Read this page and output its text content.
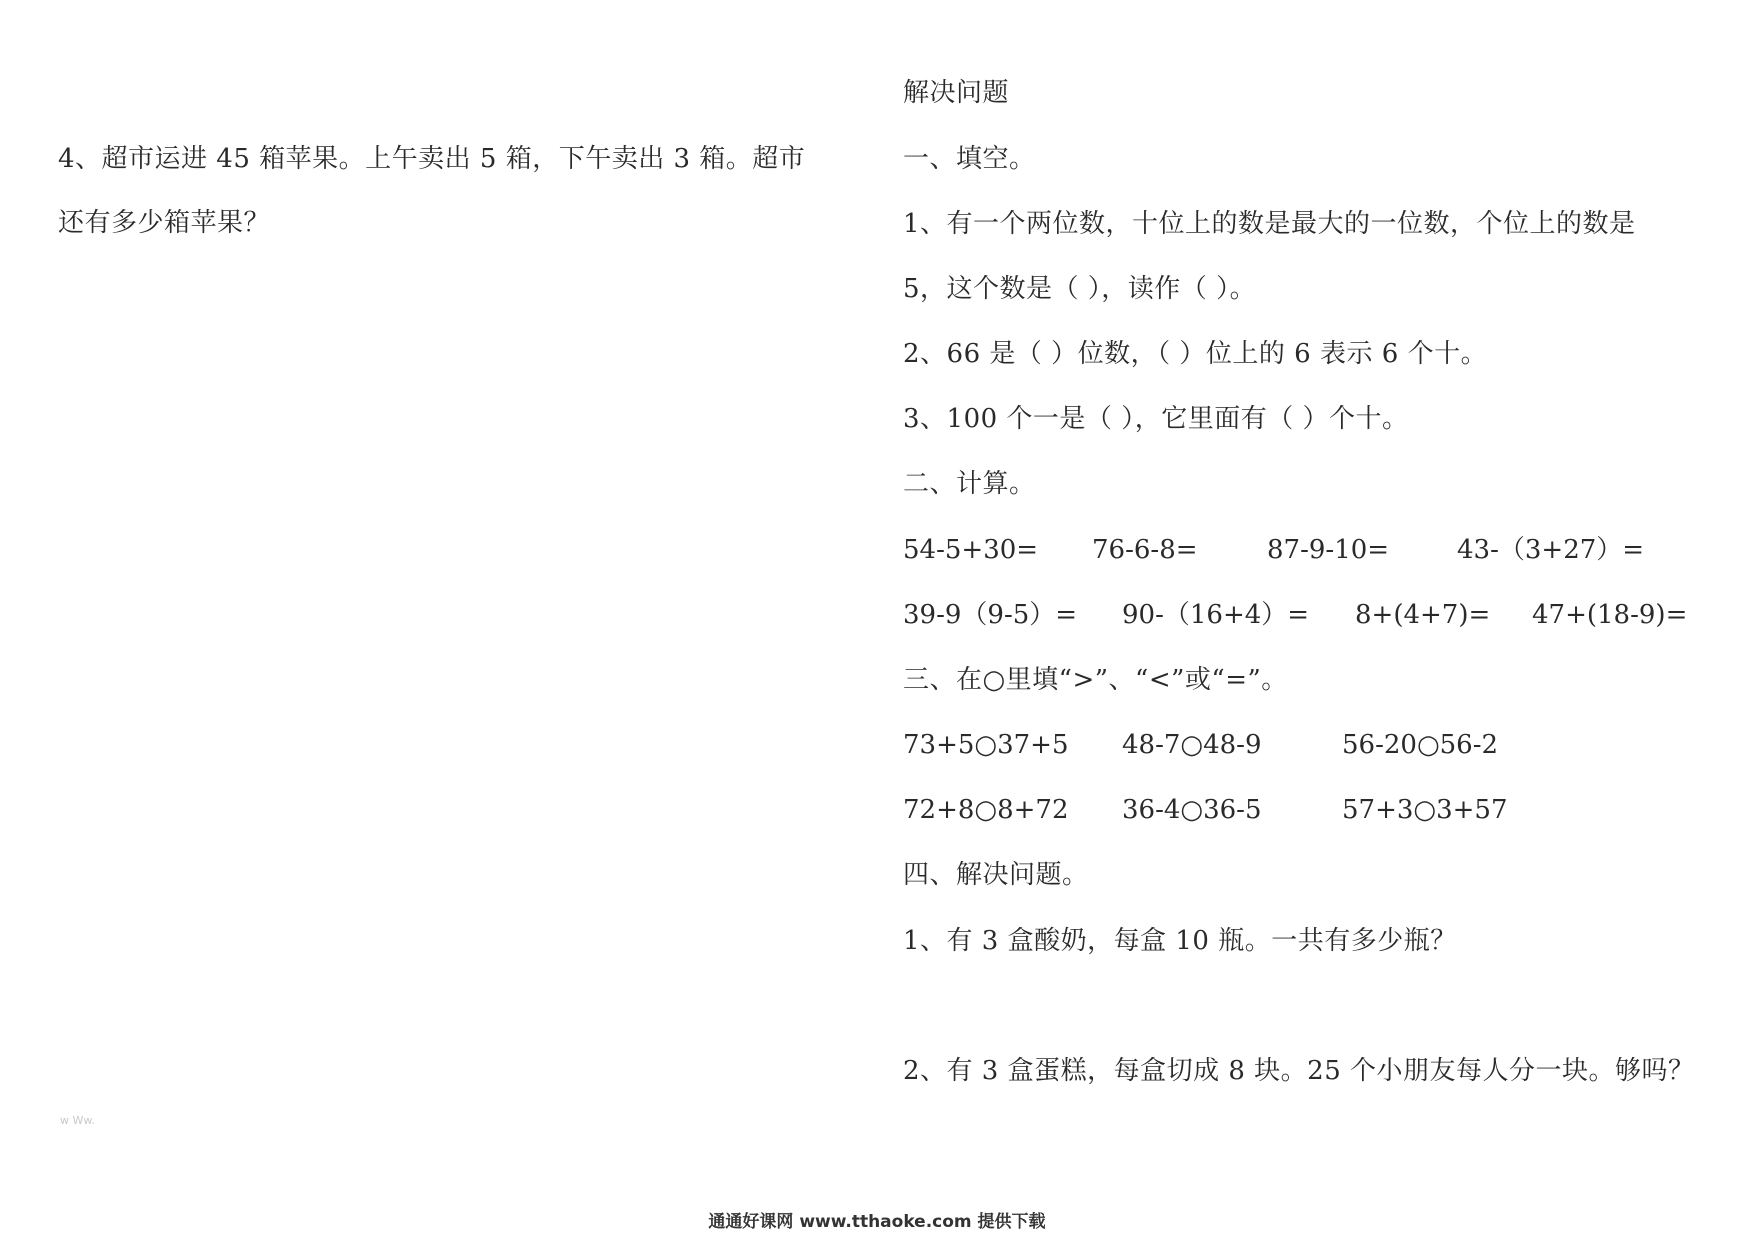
4、超市运进 45 箱苹果。上午卖出 5 箱，下午卖出 3 箱。超市
还有多少箱苹果？
w Ww.
解决问题
一、填空。
1、有一个两位数，十位上的数是最大的一位数，个位上的数是
5，这个数是（ ），读作（ ）。
2、66 是（ ）位数，（ ）位上的 6 表示 6 个十。
3、100 个一是（ ），它里面有（ ）个十。
二、计算。
54-5+30= 76-6-8=	87-9-10=	43-（3+27）=
39-9（9-5）= 90-（16+4）= 8+(4+7)= 47+(18-9)=
三、在○里填“>”、“<”或“=”。
73+5○37+5 48-7○48-9	56-20○56-2
72+8○8+72 36-4○36-5	57+3○3+57
四、解决问题。
1、有 3 盒酸奶，每盒 10 瓶。一共有多少瓶？
2、有 3 盒蛋糕，每盒切成 8 块。25 个小朋友每人分一块。够吗？
通通好课网 www.tthaoke.com 提供下载
